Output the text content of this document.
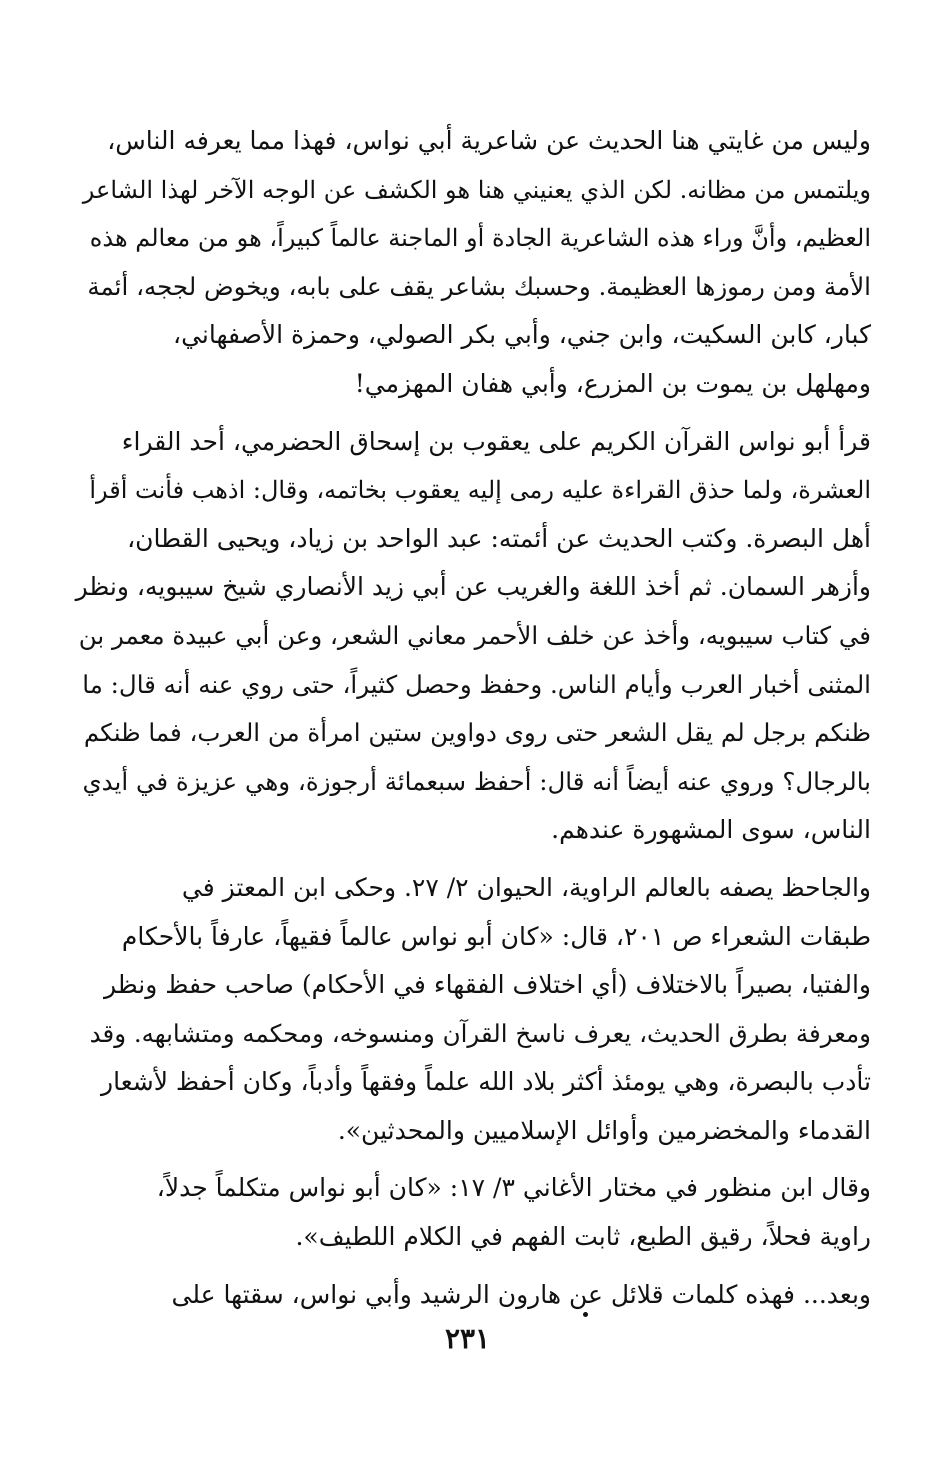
وليس من غايتي هنا الحديث عن شاعرية أبي نواس، فهذا مما يعرفه الناس،
ويلتمس من مظانه. لكن الذي يعنيني هنا هو الكشف عن الوجه الآخر لهذا الشاعر
العظيم، وأنَّ وراء هذه الشاعرية الجادة أو الماجنة عالماً كبيراً، هو من معالم هذه
الأمة ومن رموزها العظيمة. وحسبك بشاعر يقف على بابه، ويخوض لججه، أئمة
كبار، كابن السكيت، وابن جني، وأبي بكر الصولي، وحمزة الأصفهاني،
ومهلهل بن يموت بن المزرع، وأبي هفان المهزمي!

قرأ أبو نواس القرآن الكريم على يعقوب بن إسحاق الحضرمي، أحد القراء
العشرة، ولما حذق القراءة عليه رمى إليه يعقوب بخاتمه، وقال: اذهب فأنت أقرأ
أهل البصرة. وكتب الحديث عن أئمته: عبد الواحد بن زياد، ويحيى القطان،
وأزهر السمان. ثم أخذ اللغة والغريب عن أبي زيد الأنصاري شيخ سيبويه، ونظر
في كتاب سيبويه، وأخذ عن خلف الأحمر معاني الشعر، وعن أبي عبيدة معمر بن
المثنى أخبار العرب وأيام الناس. وحفظ وحصل كثيراً، حتى روي عنه أنه قال: ما
ظنكم برجل لم يقل الشعر حتى روى دواوين ستين امرأة من العرب، فما ظنكم
بالرجال؟ وروي عنه أيضاً أنه قال: أحفظ سبعمائة أرجوزة، وهي عزيزة في أيدي
الناس، سوى المشهورة عندهم.

والجاحظ يصفه بالعالم الراوية، الحيوان ٢/ ٢٧. وحكى ابن المعتز في
طبقات الشعراء ص ٢٠١، قال: «كان أبو نواس عالماً فقيهاً، عارفاً بالأحكام
والفتيا، بصيراً بالاختلاف (أي اختلاف الفقهاء في الأحكام) صاحب حفظ ونظر
ومعرفة بطرق الحديث، يعرف ناسخ القرآن ومنسوخه، ومحكمه ومتشابهه. وقد
تأدب بالبصرة، وهي يومئذ أكثر بلاد الله علماً وفقهاً وأدباً، وكان أحفظ لأشعار
القدماء والمخضرمين وأوائل الإسلاميين والمحدثين».

وقال ابن منظور في مختار الأغاني ٣/ ١٧: «كان أبو نواس متكلماً جدلاً،
راوية فحلاً، رقيق الطبع، ثابت الفهم في الكلام اللطيف».

وبعد... فهذه كلمات قلائل عن هارون الرشيد وأبي نواس، سقتها على

٢٣١
